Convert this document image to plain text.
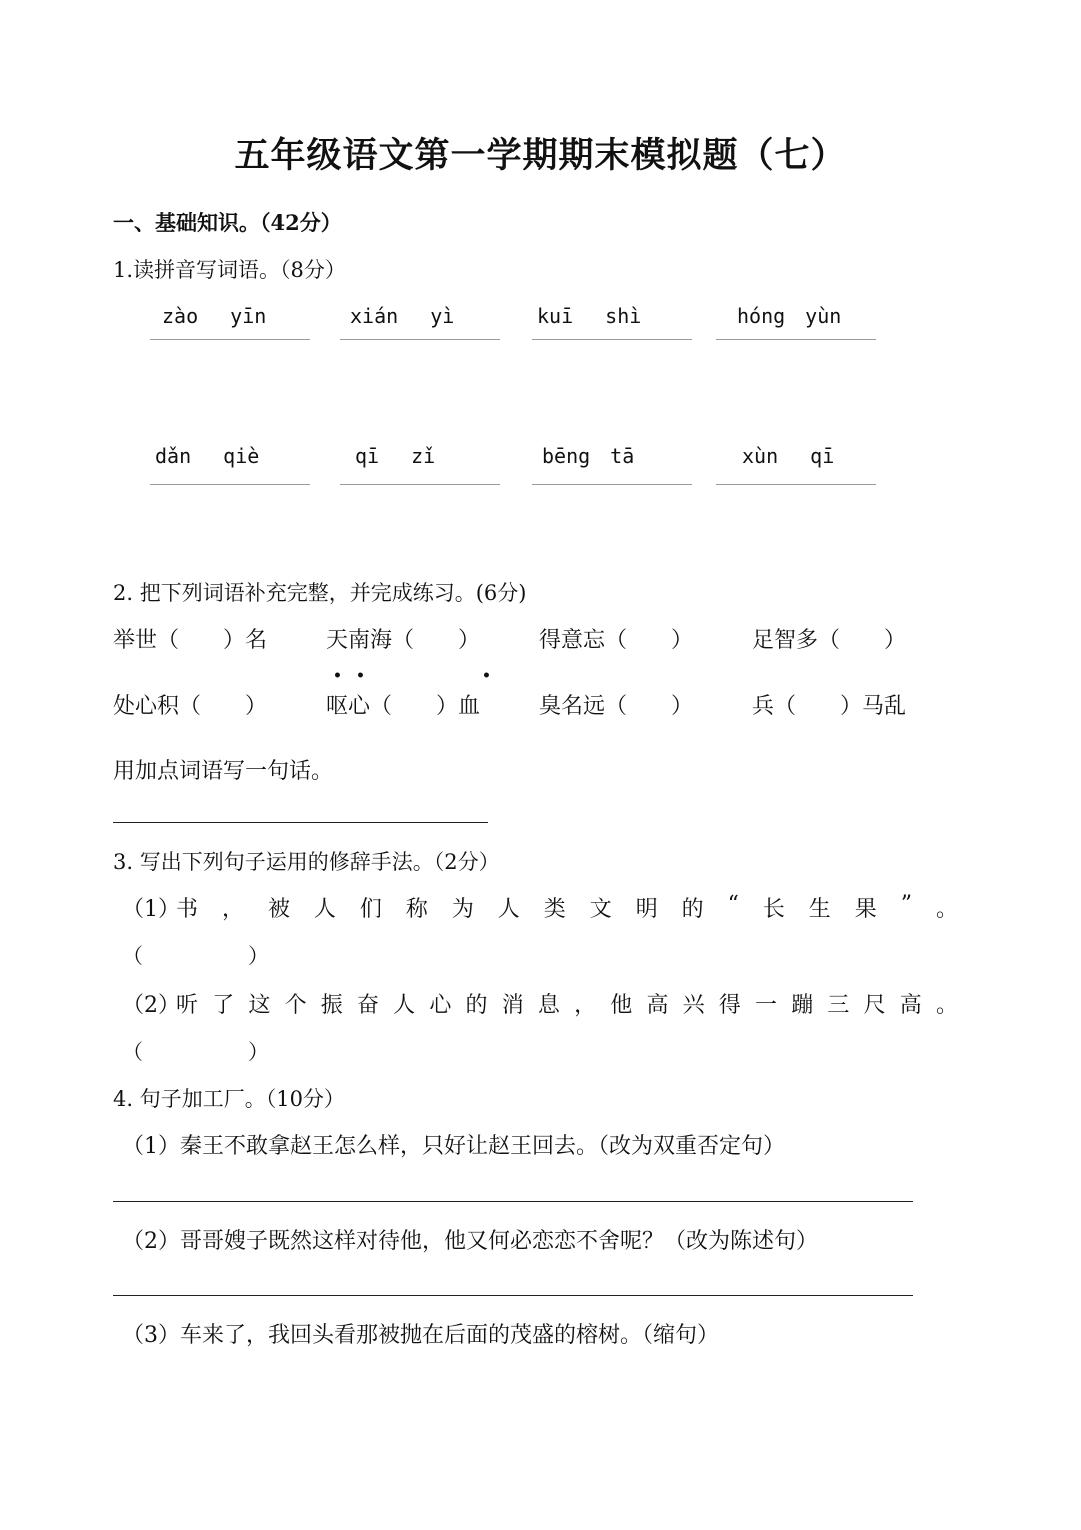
五年级语文第一学期期末模拟题（七）
一、基础知识。（42分）
1.读拼音写词语。（8分）
zào　 yīn	xián　 yì	kuī　 shì	hóng　yùn
dǎn　 qiè	qī　 zǐ	bēng　tā	xùn　 qī
2. 把下列词语补充完整，并完成练习。(6分)
举世（　　）名	天南海（　　）	得意忘（　　）	足智多（　　）
• •	•
处心积（　　）	呕心（　　）血	臭名远（　　）	兵（　　）马乱
用加点词语写一句话。
3. 写出下列句子运用的修辞手法。（2分）
（1）
书 ， 被 人 们 称 为 人 类 文 明 的 “ 长 生 果 ” 。
（　　　　　）
（2）
听 了 这 个 振 奋 人 心 的 消 息 ， 他 高 兴 得 一 蹦 三 尺 高 。
（　　　　　）
4. 句子加工厂。（10分）
（1）秦王不敢拿赵王怎么样，只好让赵王回去。（改为双重否定句）
（2）哥哥嫂子既然这样对待他，他又何必恋恋不舍呢？（改为陈述句）
（3）车来了，我回头看那被抛在后面的茂盛的榕树。（缩句）
